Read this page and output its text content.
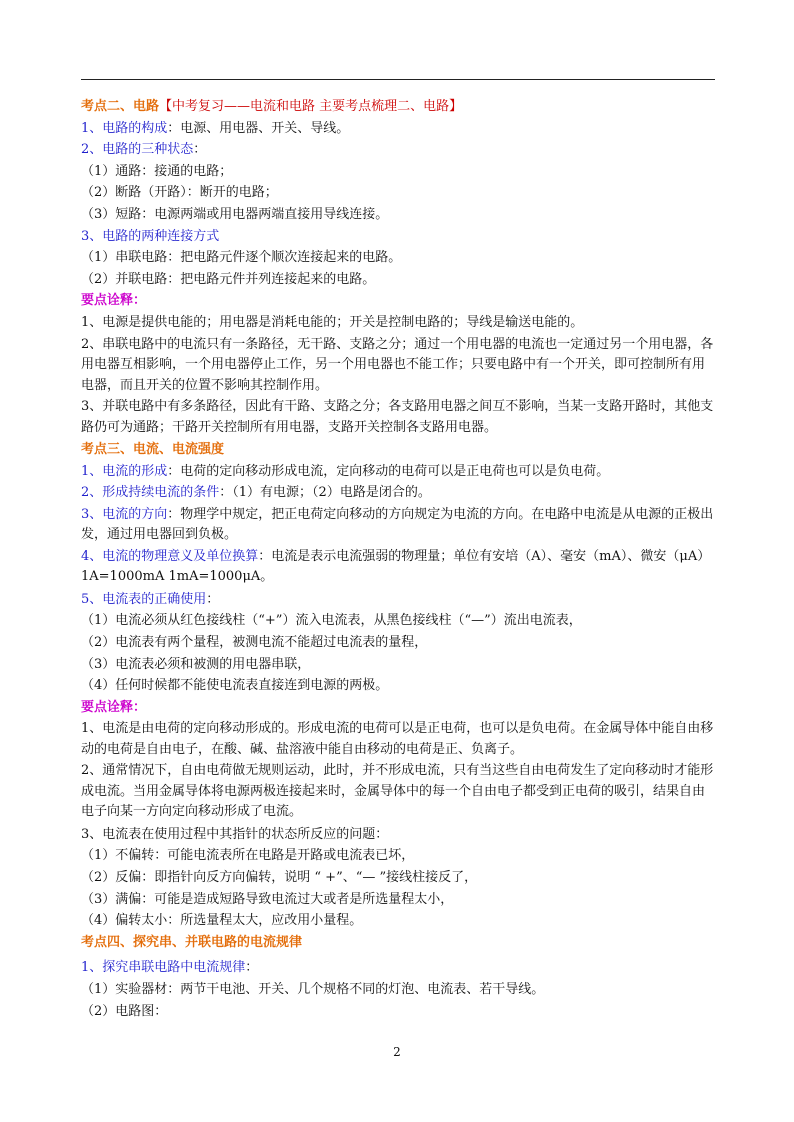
考点二、电路【中考复习——电流和电路 主要考点梳理二、电路】
1、电路的构成：电源、用电器、开关、导线。
2、电路的三种状态：
（1）通路：接通的电路；
（2）断路（开路）：断开的电路；
（3）短路：电源两端或用电器两端直接用导线连接。
3、电路的两种连接方式
（1）串联电路：把电路元件逐个顺次连接起来的电路。
（2）并联电路：把电路元件并列连接起来的电路。
要点诠释：
1、电源是提供电能的；用电器是消耗电能的；开关是控制电路的；导线是输送电能的。
2、串联电路中的电流只有一条路径，无干路、支路之分；通过一个用电器的电流也一定通过另一个用电器，各用电器互相影响，一个用电器停止工作，另一个用电器也不能工作；只要电路中有一个开关，即可控制所有用电器，而且开关的位置不影响其控制作用。
3、并联电路中有多条路径，因此有干路、支路之分；各支路用电器之间互不影响，当某一支路开路时，其他支路仍可为通路；干路开关控制所有用电器，支路开关控制各支路用电器。
考点三、电流、电流强度
1、电流的形成：电荷的定向移动形成电流，定向移动的电荷可以是正电荷也可以是负电荷。
2、形成持续电流的条件：（1）有电源；（2）电路是闭合的。
3、电流的方向：物理学中规定，把正电荷定向移动的方向规定为电流的方向。在电路中电流是从电源的正极出发，通过用电器回到负极。
4、电流的物理意义及单位换算：电流是表示电流强弱的物理量；单位有安培（A）、毫安（mA）、微安（μA） 1A=1000mA 1mA=1000μA。
5、电流表的正确使用：
（1）电流必须从红色接线柱（“+”）流入电流表，从黑色接线柱（“—”）流出电流表，
（2）电流表有两个量程，被测电流不能超过电流表的量程，
（3）电流表必须和被测的用电器串联，
（4）任何时候都不能使电流表直接连到电源的两极。
要点诠释：
1、电流是由电荷的定向移动形成的。形成电流的电荷可以是正电荷，也可以是负电荷。在金属导体中能自由移动的电荷是自由电子，在酸、碱、盐溶液中能自由移动的电荷是正、负离子。
2、通常情况下，自由电荷做无规则运动，此时，并不形成电流，只有当这些自由电荷发生了定向移动时才能形成电流。当用金属导体将电源两极连接起来时，金属导体中的每一个自由电子都受到正电荷的吸引，结果自由电子向某一方向定向移动形成了电流。
3、电流表在使用过程中其指针的状态所反应的问题：
（1）不偏转：可能电流表所在电路是开路或电流表已坏，
（2）反偏：即指针向反方向偏转，说明 “ +”、“— ”接线柱接反了，
（3）满偏：可能是造成短路导致电流过大或者是所选量程太小，
（4）偏转太小：所选量程太大，应改用小量程。
考点四、探究串、并联电路的电流规律
1、探究串联电路中电流规律：
（1）实验器材：两节干电池、开关、几个规格不同的灯泡、电流表、若干导线。
（2）电路图：
2
